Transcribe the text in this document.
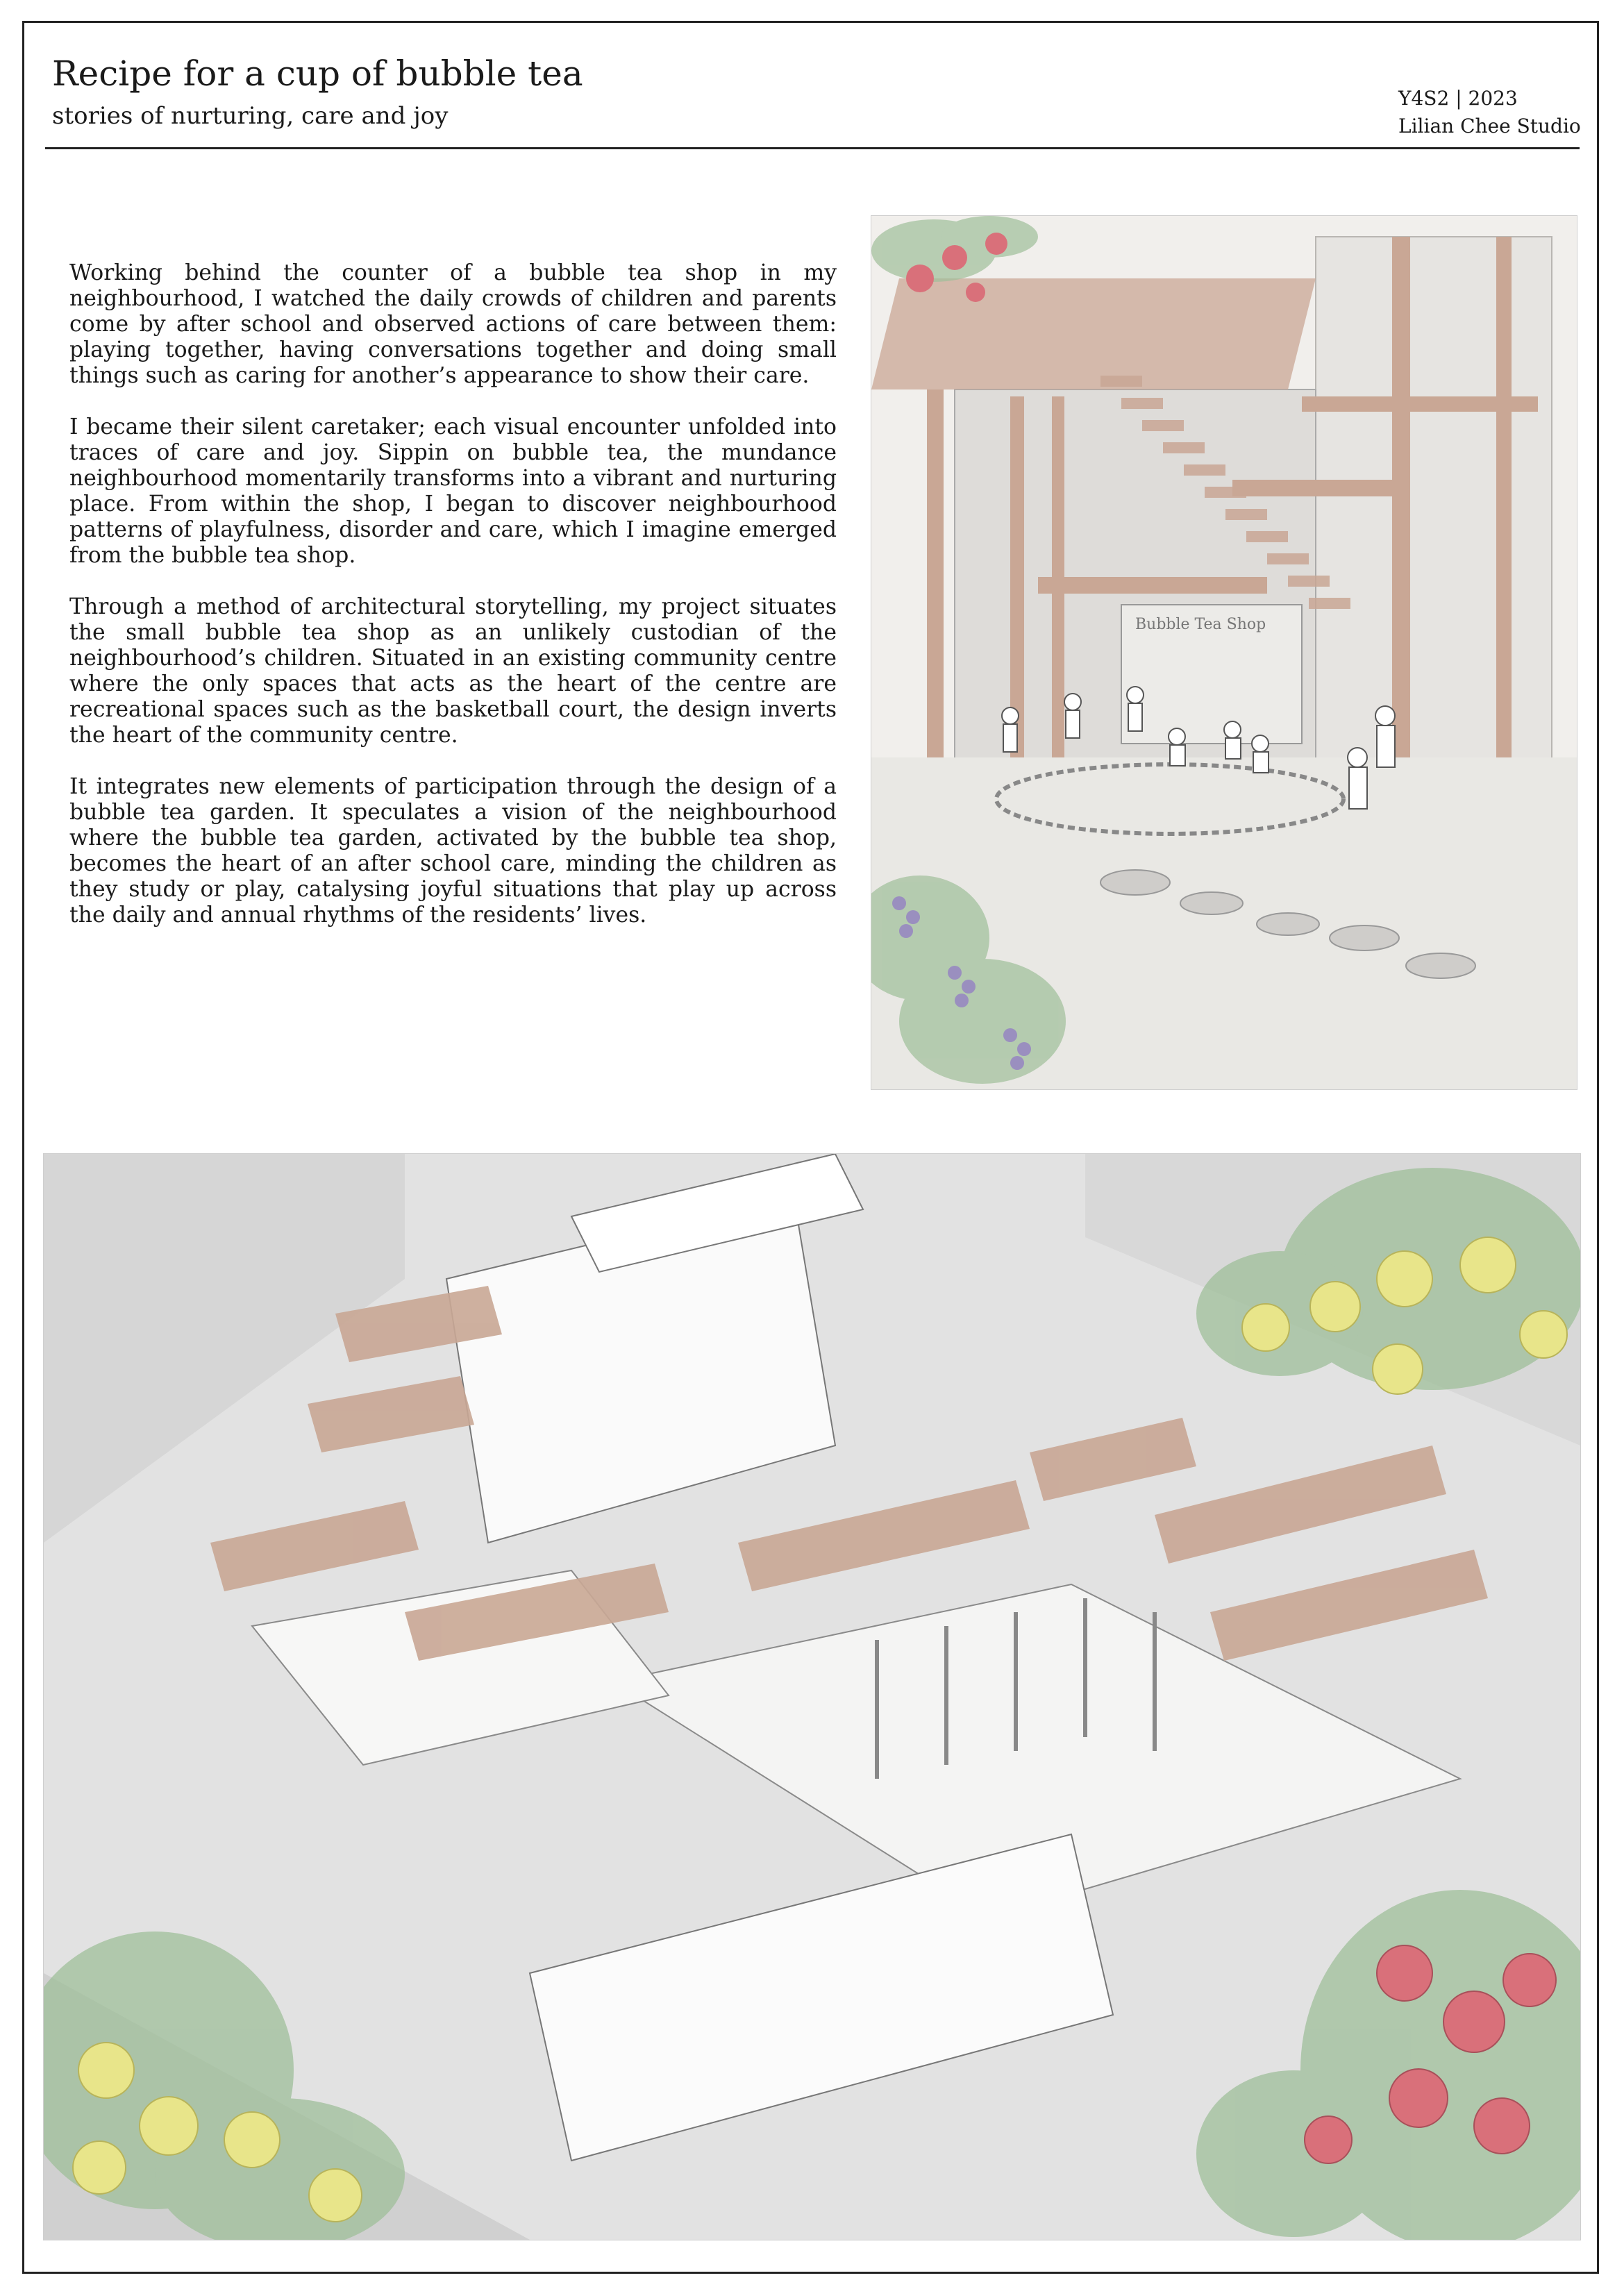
Recipe for a cup of bubble tea
stories of nurturing, care and joy
Y4S2 | 2023
Lilian Chee Studio

Working behind the counter of a bubble tea shop in my neighbourhood, I watched the daily crowds of children and parents come by after school and observed actions of care between them: playing together, having conversations together and doing small things such as caring for another’s appearance to show their care.

I became their silent caretaker; each visual encounter unfolded into traces of care and joy. Sippin on bubble tea, the mundance neighbourhood momentarily transforms into a vibrant and nurturing place. From within the shop, I began to discover neighbourhood patterns of playfulness, disorder and care, which I imagine emerged from the bubble tea shop.

Through a method of architectural storytelling, my project situates the small bubble tea shop as an unlikely custodian of the neighbourhood’s children. Situated in an existing community centre where the only spaces that acts as the heart of the centre are recreational spaces such as the basketball court, the design inverts the heart of the community centre.

It integrates new elements of participation through the design of a bubble tea garden. It speculates a vision of the neighbourhood where the bubble tea garden, activated by the bubble tea shop, becomes the heart of an after school care, minding the children as they study or play, catalysing joyful situations that play up across the daily and annual rhythms of the residents’ lives.

Bubble Tea Shop
